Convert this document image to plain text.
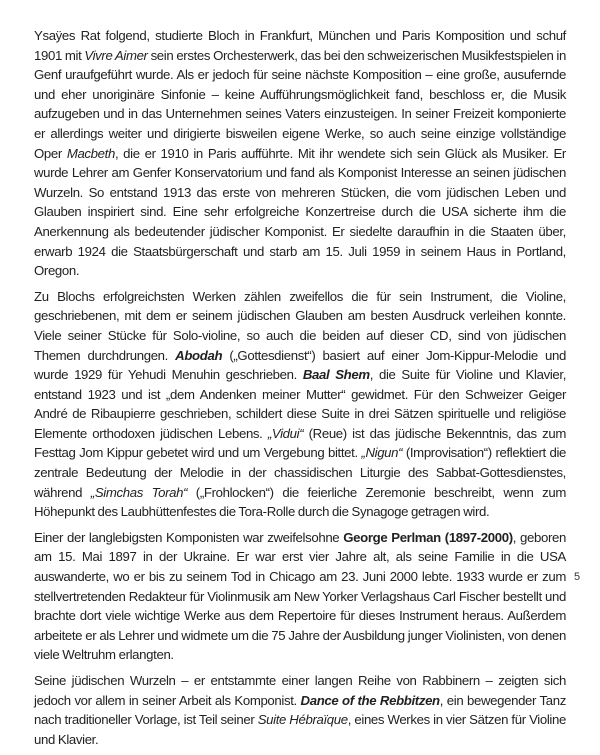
Ysaÿes Rat folgend, studierte Bloch in Frankfurt, München und Paris Komposition und schuf 1901 mit Vivre Aimer sein erstes Orchesterwerk, das bei den schweizerischen Musikfestspielen in Genf uraufgeführt wurde. Als er jedoch für seine nächste Komposition – eine große, ausufernde und eher unoriginäre Sinfonie – keine Aufführungsmöglichkeit fand, beschloss er, die Musik aufzugeben und in das Unternehmen seines Vaters einzusteigen. In seiner Freizeit komponierte er allerdings weiter und dirigierte bisweilen eigene Werke, so auch seine einzige vollständige Oper Macbeth, die er 1910 in Paris aufführte. Mit ihr wendete sich sein Glück als Musiker. Er wurde Lehrer am Genfer Konservatorium und fand als Komponist Interesse an seinen jüdischen Wurzeln. So entstand 1913 das erste von mehreren Stücken, die vom jüdischen Leben und Glauben inspiriert sind. Eine sehr erfolgreiche Konzertreise durch die USA sicherte ihm die Anerkennung als bedeutender jüdischer Komponist. Er siedelte daraufhin in die Staaten über, erwarb 1924 die Staatsbürgerschaft und starb am 15. Juli 1959 in seinem Haus in Portland, Oregon.

Zu Blochs erfolgreichsten Werken zählen zweifellos die für sein Instrument, die Violine, geschriebenen, mit dem er seinem jüdischen Glauben am besten Ausdruck verleihen konnte. Viele seiner Stücke für Solo-violine, so auch die beiden auf dieser CD, sind von jüdischen Themen durchdrungen. Abodah („Gottesdienst“) basiert auf einer Jom-Kippur-Melodie und wurde 1929 für Yehudi Menuhin geschrieben. Baal Shem, die Suite für Violine und Klavier, entstand 1923 und ist „dem Andenken meiner Mutter“ gewidmet. Für den Schweizer Geiger André de Ribaupierre geschrieben, schildert diese Suite in drei Sätzen spirituelle und religiöse Elemente orthodoxen jüdischen Lebens. „Vidui“ (Reue) ist das jüdische Bekenntnis, das zum Festtag Jom Kippur gebetet wird und um Vergebung bittet. „Nigun“ (Improvisation“) reflektiert die zentrale Bedeutung der Melodie in der chassidischen Liturgie des Sabbat-Gottesdienstes, während „Simchas Torah“ („Frohlocken“) die feierliche Zeremonie beschreibt, wenn zum Höhepunkt des Laubhüttenfestes die Tora-Rolle durch die Synagoge getragen wird.

Einer der langlebigsten Komponisten war zweifelsohne George Perlman (1897-2000), geboren am 15. Mai 1897 in der Ukraine. Er war erst vier Jahre alt, als seine Familie in die USA auswanderte, wo er bis zu seinem Tod in Chicago am 23. Juni 2000 lebte. 1933 wurde er zum stellvertretenden Redakteur für Violinmusik am New Yorker Verlagshaus Carl Fischer bestellt und brachte dort viele wichtige Werke aus dem Repertoire für dieses Instrument heraus. Außerdem arbeitete er als Lehrer und widmete um die 75 Jahre der Ausbildung junger Violinisten, von denen viele Weltruhm erlangten.

Seine jüdischen Wurzeln – er entstammte einer langen Reihe von Rabbinern – zeigten sich jedoch vor allem in seiner Arbeit als Komponist. Dance of the Rebbitzen, ein bewegender Tanz nach traditioneller Vorlage, ist Teil seiner Suite Hébraïque, eines Werkes in vier Sätzen für Violine und Klavier.

5
